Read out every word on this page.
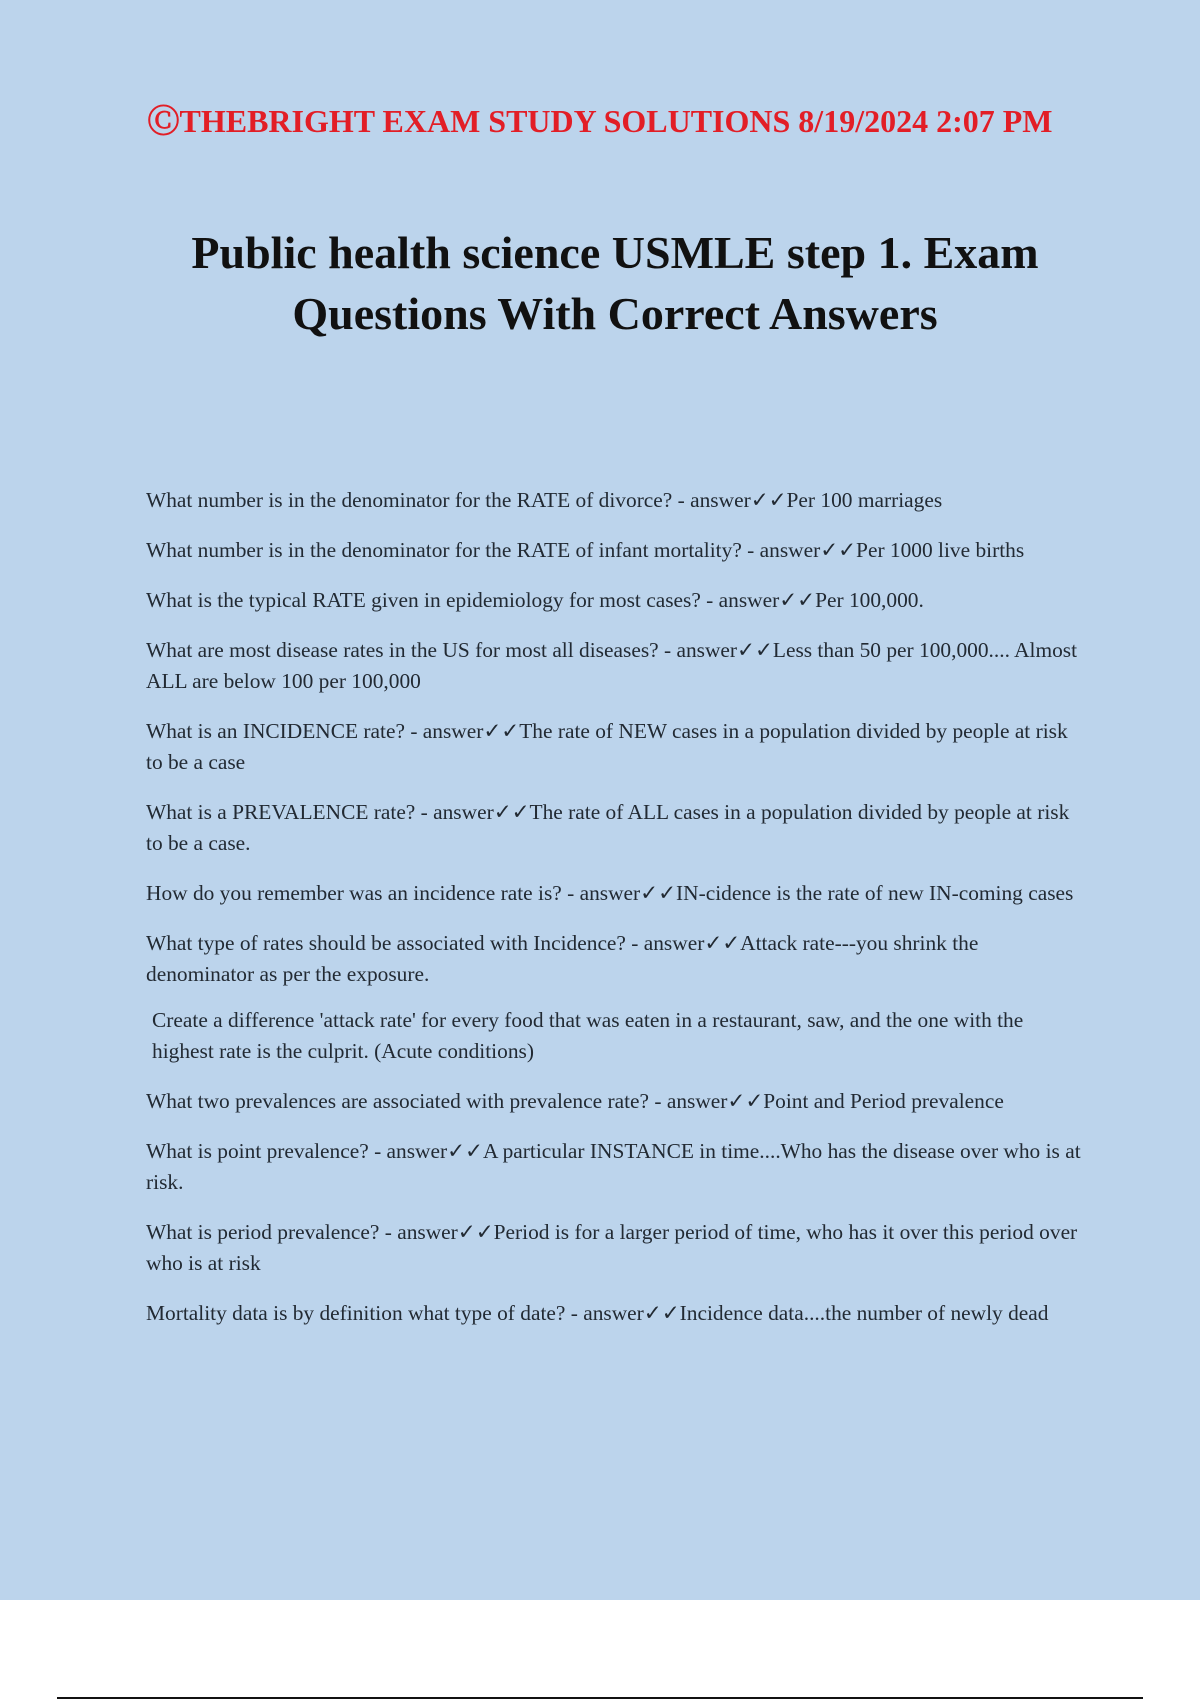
ⒸTHEBRIGHT EXAM STUDY SOLUTIONS 8/19/2024 2:07 PM
Public health science USMLE step 1. Exam Questions With Correct Answers

What number is in the denominator for the RATE of divorce? - answer✓✓Per 100 marriages

What number is in the denominator for the RATE of infant mortality? - answer✓✓Per 1000 live births

What is the typical RATE given in epidemiology for most cases? - answer✓✓Per 100,000.

What are most disease rates in the US for most all diseases? - answer✓✓Less than 50 per 100,000.... Almost ALL are below 100 per 100,000

What is an INCIDENCE rate? - answer✓✓The rate of NEW cases in a population divided by people at risk to be a case

What is a PREVALENCE rate? - answer✓✓The rate of ALL cases in a population divided by people at risk to be a case.

How do you remember was an incidence rate is? - answer✓✓IN-cidence is the rate of new IN-coming cases

What type of rates should be associated with Incidence? - answer✓✓Attack rate---you shrink the denominator as per the exposure.

Create a difference 'attack rate' for every food that was eaten in a restaurant, saw, and the one with the highest rate is the culprit. (Acute conditions)

What two prevalences are associated with prevalence rate? - answer✓✓Point and Period prevalence

What is point prevalence? - answer✓✓A particular INSTANCE in time....Who has the disease over who is at risk.

What is period prevalence? - answer✓✓Period is for a larger period of time, who has it over this period over who is at risk

Mortality data is by definition what type of date? - answer✓✓Incidence data....the number of newly dead
